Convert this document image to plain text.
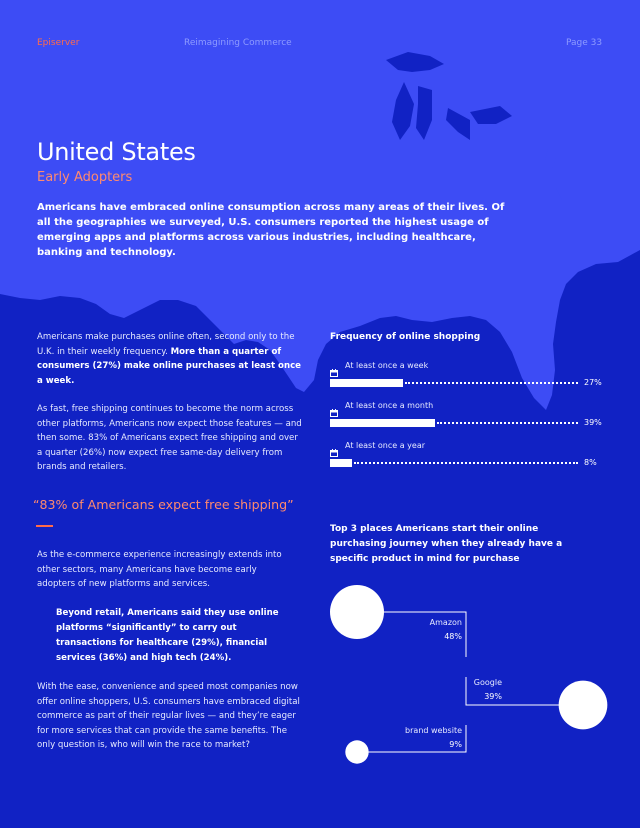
Episerver	Reimagining Commerce	Page 33
United States
Early Adopters
Americans have embraced online consumption across many areas of their lives. Of all the geographies we surveyed, U.S. consumers reported the highest usage of emerging apps and platforms across various industries, including healthcare, banking and technology.
Americans make purchases online often, second only to the U.K. in their weekly frequency. More than a quarter of consumers (27%) make online purchases at least once a week.
As fast, free shipping continues to become the norm across other platforms, Americans now expect those features — and then some. 83% of Americans expect free shipping and over a quarter (26%) now expect free same-day delivery from brands and retailers.
“83% of Americans expect free shipping”
As the e-commerce experience increasingly extends into other sectors, many Americans have become early adopters of new platforms and services.
Beyond retail, Americans said they use online platforms “significantly” to carry out transactions for healthcare (29%), financial services (36%) and high tech (24%).
With the ease, convenience and speed most companies now offer online shoppers, U.S. consumers have embraced digital commerce as part of their regular lives — and they’re eager for more services that can provide the same benefits. The only question is, who will win the race to market?
Frequency of online shopping
At least once a week
27%
At least once a month
39%
At least once a year
8%
Top 3 places Americans start their online purchasing journey when they already have a specific product in mind for purchase
Amazon
48%
Google
39%
brand website
9%
